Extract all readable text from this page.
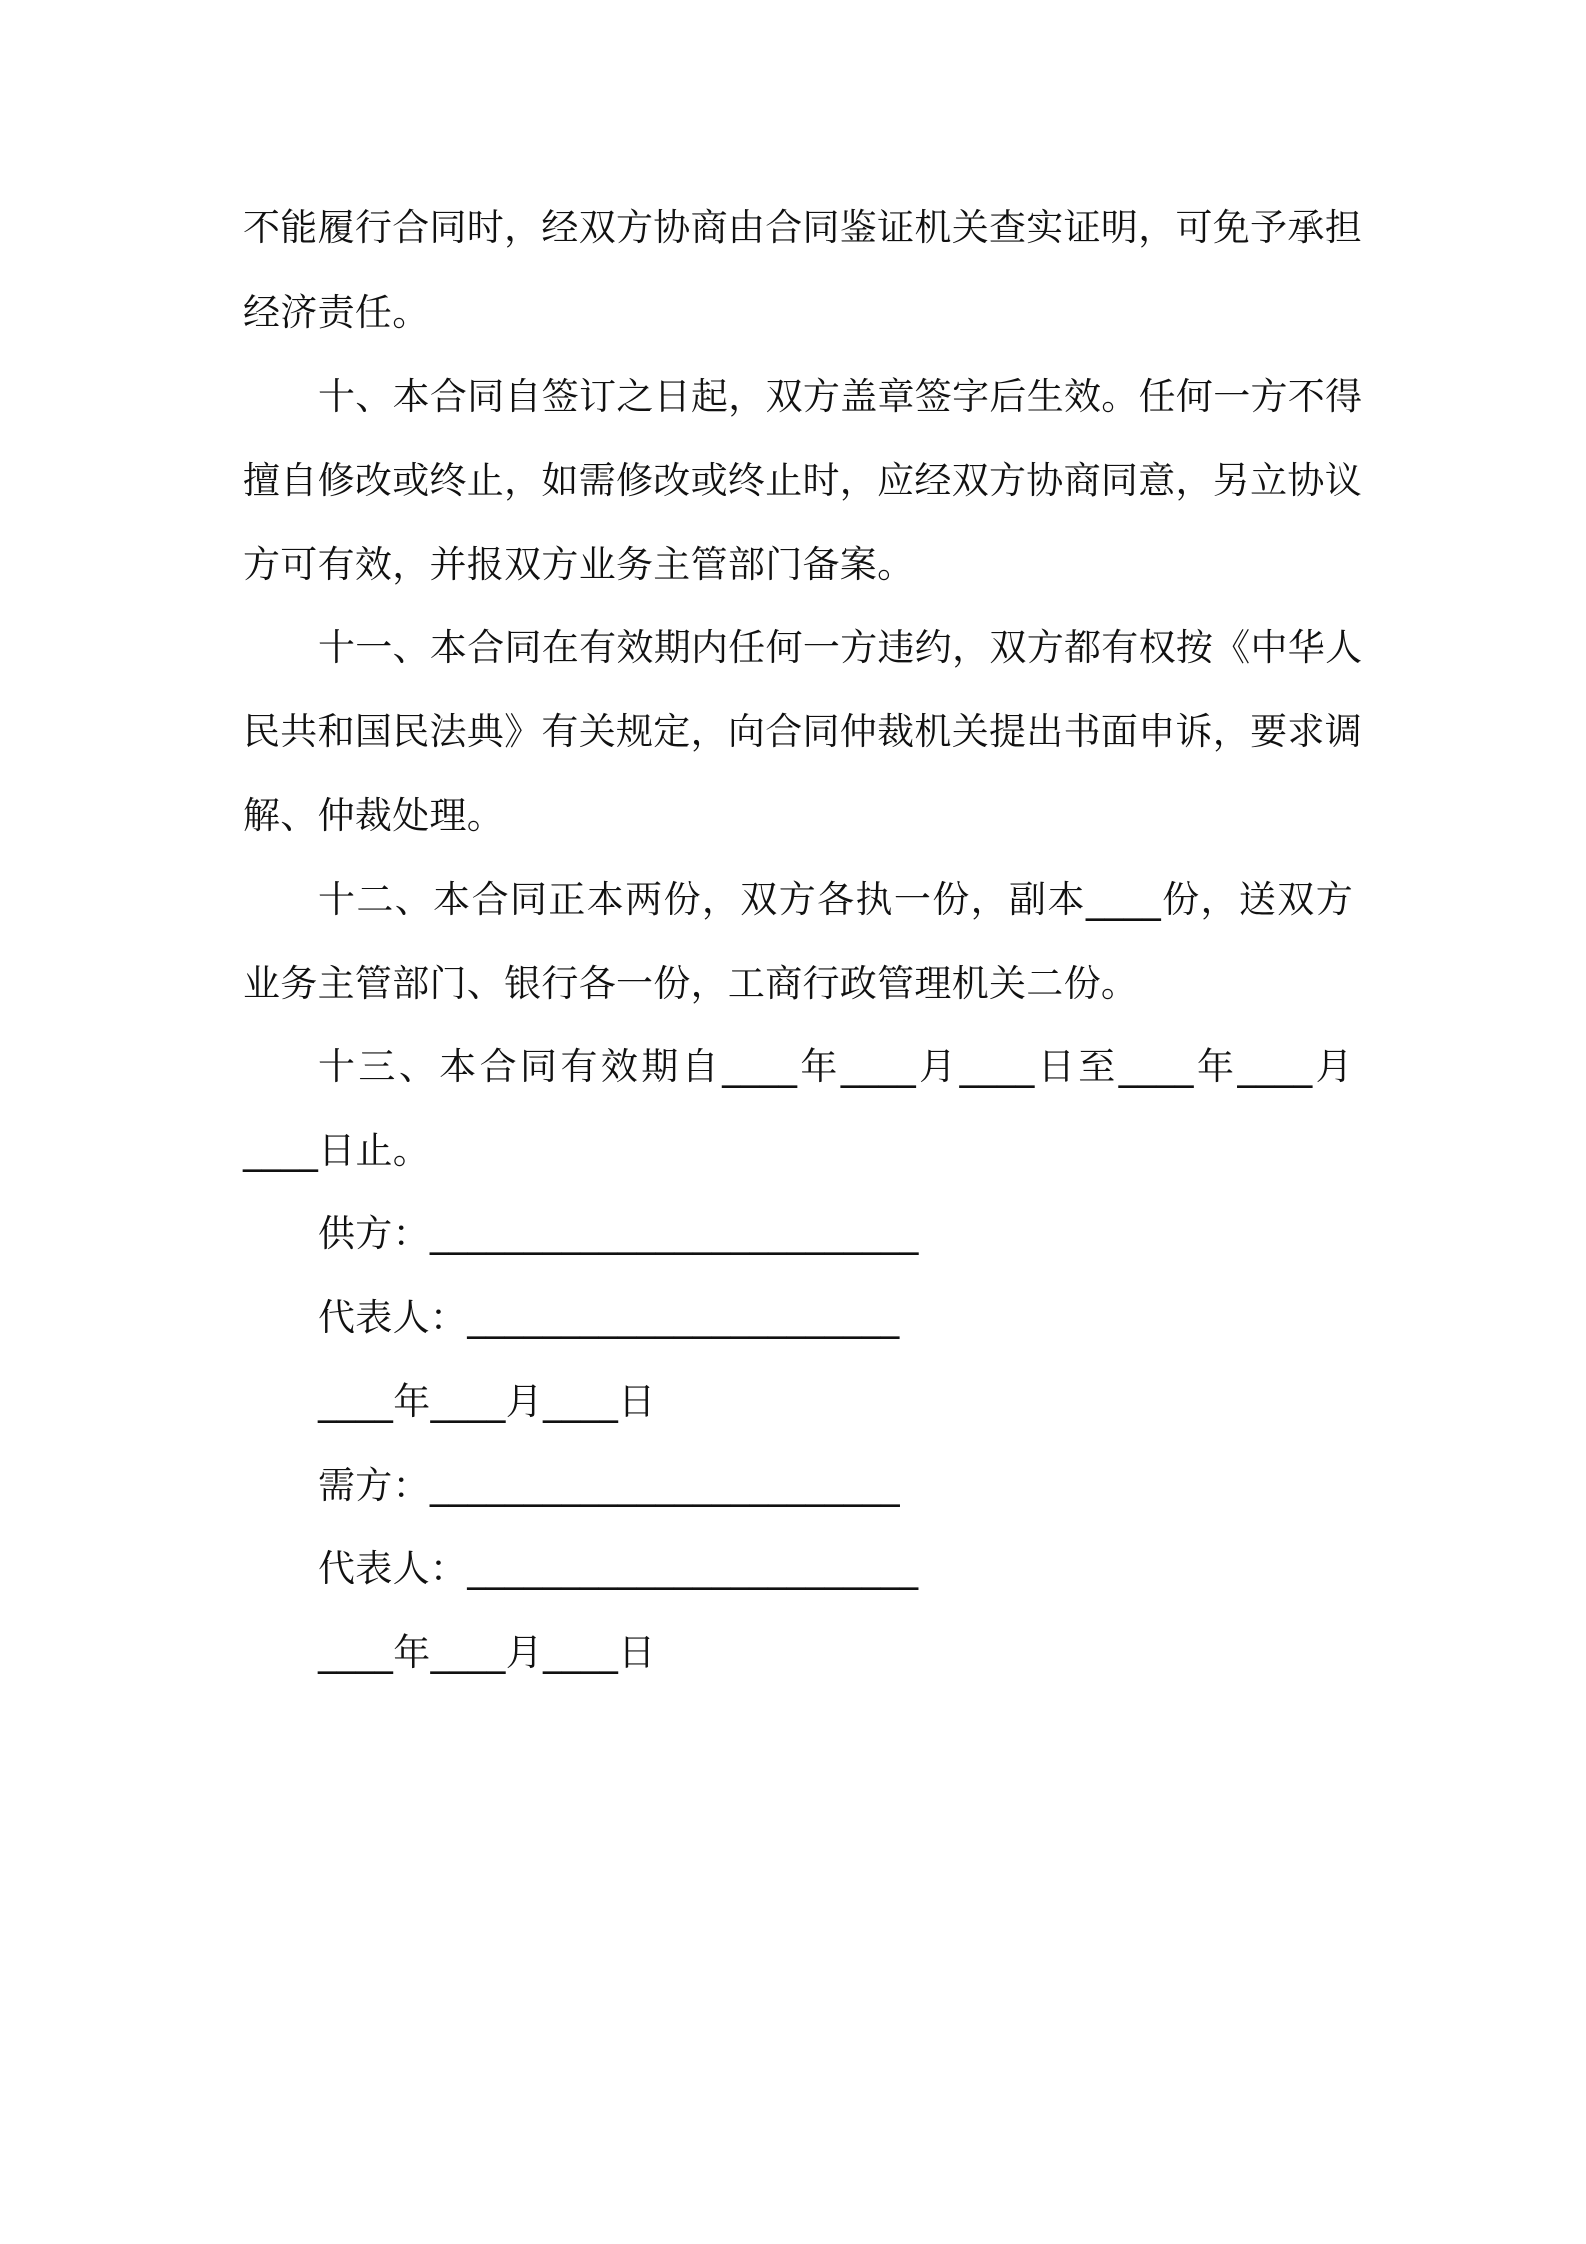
不能履行合同时，经双方协商由合同鉴证机关查实证明，可免予承担
经济责任。
十、本合同自签订之日起，双方盖章签字后生效。任何一方不得
擅自修改或终止，如需修改或终止时，应经双方协商同意，另立协议
方可有效，并报双方业务主管部门备案。
十一、本合同在有效期内任何一方违约，双方都有权按《中华人
民共和国民法典》有关规定，向合同仲裁机关提出书面申诉，要求调
解、仲裁处理。
十二、本合同正本两份，双方各执一份，副本____份，送双方
业务主管部门、银行各一份，工商行政管理机关二份。
十三、本合同有效期自____年____月____日至____年____月
____日止。
供方：__________________________
代表人：_______________________
____年____月____日
需方：_________________________
代表人：________________________
____年____月____日
